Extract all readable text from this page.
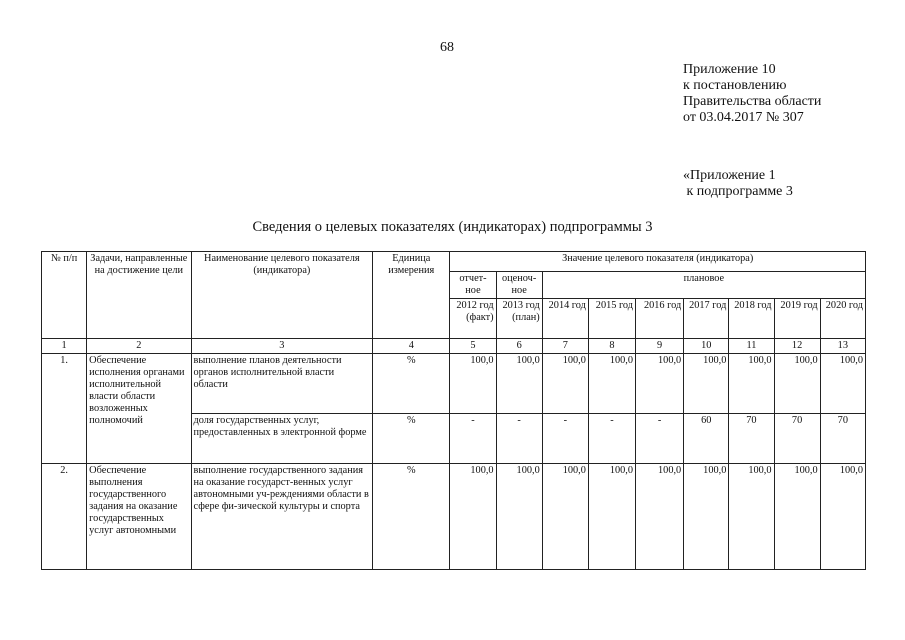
68
Приложение 10
к постановлению
Правительства области
от 03.04.2017 № 307
«Приложение 1
к подпрограмме 3
Сведения о целевых показателях (индикаторах) подпрограммы 3
№ п/п	Задачи, направленные на достижение цели	Наименование целевого показателя (индикатора)	Единица измерения	Значение целевого показателя (индикатора)								
				отчет-ное	оценоч-ное	плановое						
				2012 год (факт)	2013 год (план)	2014 год	2015 год	2016 год	2017 год	2018 год	2019 год	2020 год
1	2	3	4	5	6	7	8	9	10	11	12	13
1.	Обеспечение исполнения органами исполнительной власти области возложенных полномочий	выполнение планов деятельности органов исполнительной власти области	%	100,0	100,0	100,0	100,0	100,0	100,0	100,0	100,0	100,0
		доля государственных услуг, предоставленных в электронной форме	%	-	-	-	-	-	60	70	70	70
2.	Обеспечение выполнения государственного задания на оказание государственных услуг автономными	выполнение государственного задания на оказание государст-венных услуг автономными уч-реждениями области в сфере фи-зической культуры и спорта	%	100,0	100,0	100,0	100,0	100,0	100,0	100,0	100,0	100,0
